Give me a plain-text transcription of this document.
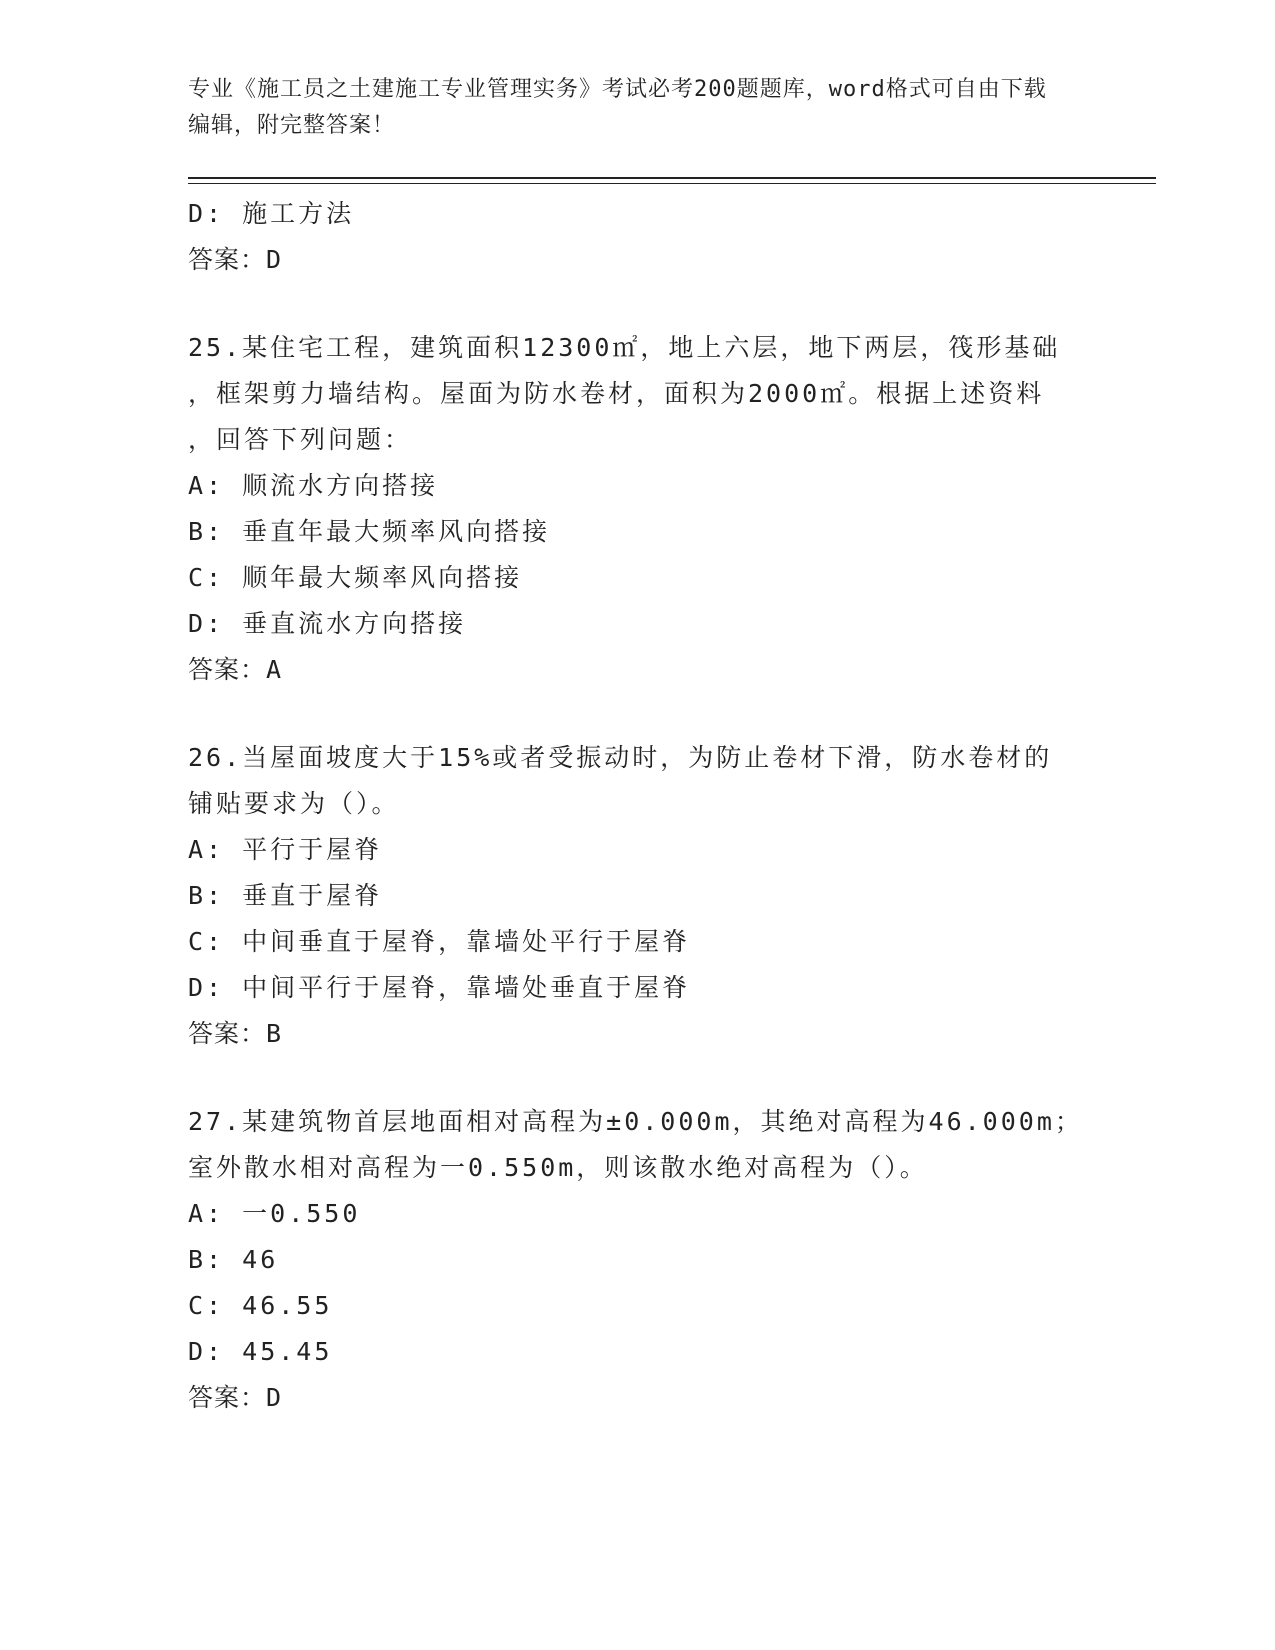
专业《施工员之土建施工专业管理实务》考试必考200题题库，word格式可自由下载编辑，附完整答案！
D: 施工方法
答案：D
25.某住宅工程，建筑面积12300㎡，地上六层，地下两层，筏形基础
，框架剪力墙结构。屋面为防水卷材，面积为2000㎡。根据上述资料
，回答下列问题：
A: 顺流水方向搭接
B: 垂直年最大频率风向搭接
C: 顺年最大频率风向搭接
D: 垂直流水方向搭接
答案：A
26.当屋面坡度大于15%或者受振动时，为防止卷材下滑，防水卷材的
铺贴要求为（）。
A: 平行于屋脊
B: 垂直于屋脊
C: 中间垂直于屋脊，靠墙处平行于屋脊
D: 中间平行于屋脊，靠墙处垂直于屋脊
答案：B
27.某建筑物首层地面相对高程为±0.000m，其绝对高程为46.000m；
室外散水相对高程为一0.550m，则该散水绝对高程为（）。
A: 一0.550
B: 46
C: 46.55
D: 45.45
答案：D
